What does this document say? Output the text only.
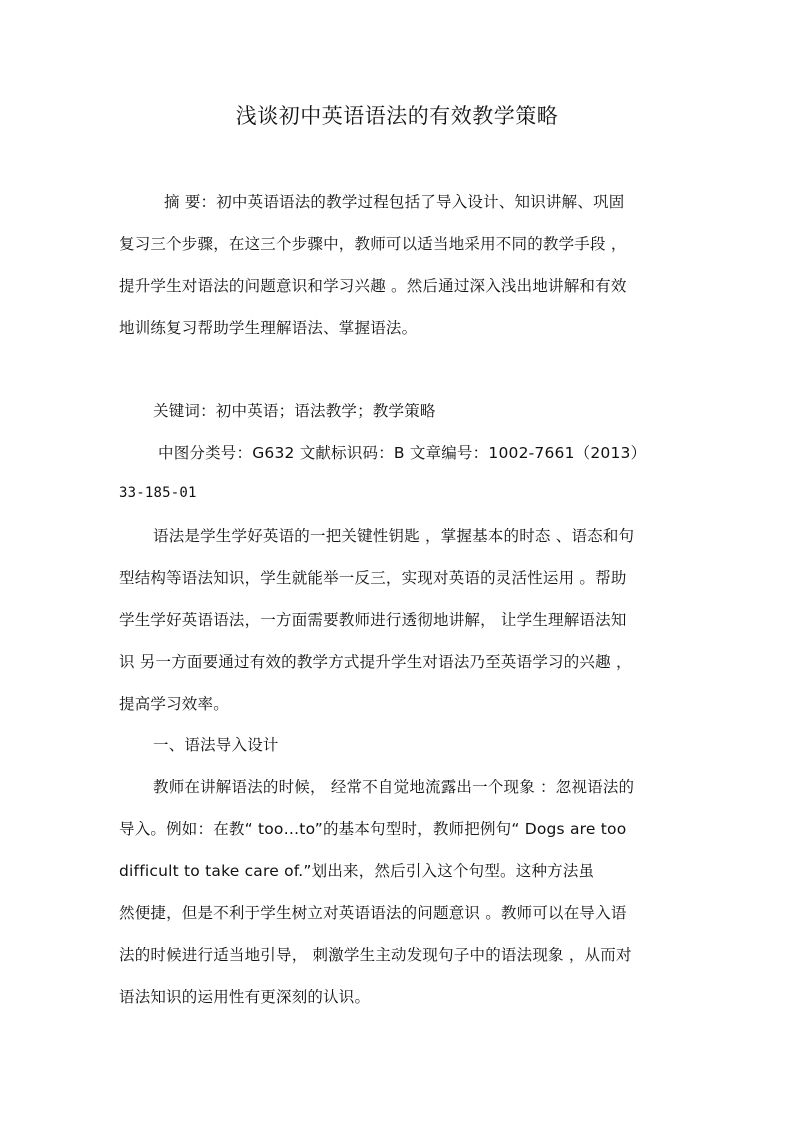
浅谈初中英语语法的有效教学策略
摘 要：初中英语语法的教学过程包括了导入设计、知识讲解、巩固
复习三个步骤，在这三个步骤中，教师可以适当地采用不同的教学手段 ，
提升学生对语法的问题意识和学习兴趣 。然后通过深入浅出地讲解和有效
地训练复习帮助学生理解语法、掌握语法。
关键词：初中英语；语法教学；教学策略
中图分类号：G632 文献标识码：B 文章编号：1002-7661（2013）
33-185-01
语法是学生学好英语的一把关键性钥匙 ，掌握基本的时态 、语态和句
型结构等语法知识，学生就能举一反三，实现对英语的灵活性运用 。帮助
学生学好英语语法，一方面需要教师进行透彻地讲解， 让学生理解语法知
识 另一方面要通过有效的教学方式提升学生对语法乃至英语学习的兴趣 ，
提高学习效率。
一、语法导入设计
教师在讲解语法的时候， 经常不自觉地流露出一个现象 ：忽视语法的
导入。例如：在教“ too…to”的基本句型时，教师把例句“ Dogs are too
difficult to take care of.”划出来，然后引入这个句型。这种方法虽
然便捷，但是不利于学生树立对英语语法的问题意识 。教师可以在导入语
法的时候进行适当地引导， 刺激学生主动发现句子中的语法现象 ，从而对
语法知识的运用性有更深刻的认识。
